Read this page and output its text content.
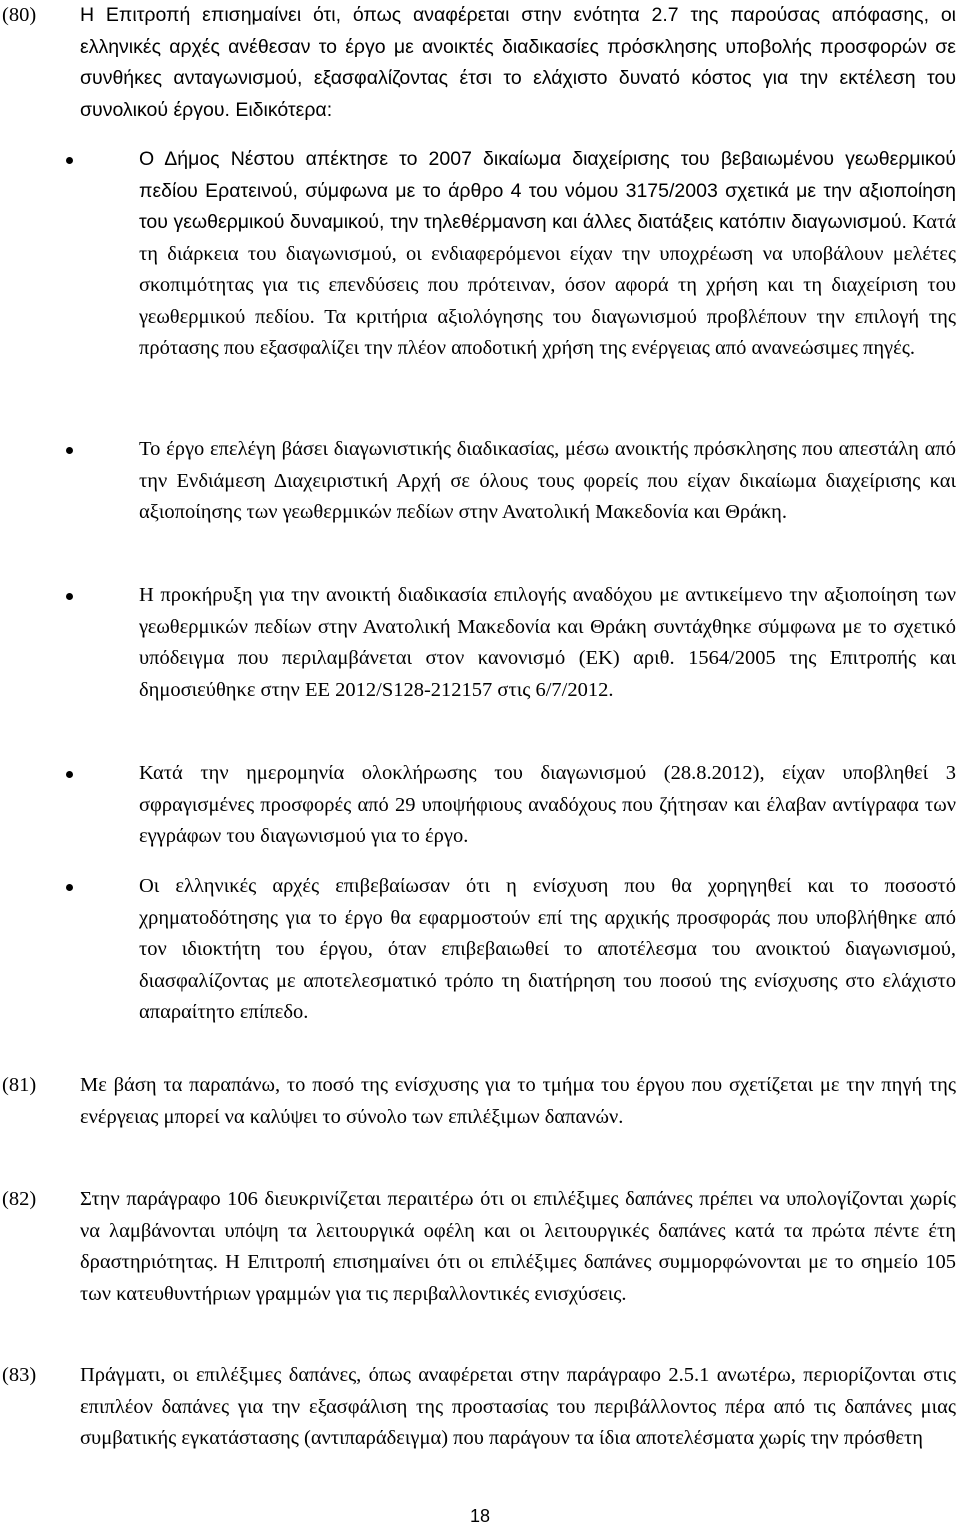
(80) Η Επιτροπή επισημαίνει ότι, όπως αναφέρεται στην ενότητα 2.7 της παρούσας απόφασης, οι ελληνικές αρχές ανέθεσαν το έργο με ανοικτές διαδικασίες πρόσκλησης υποβολής προσφορών σε συνθήκες ανταγωνισμού, εξασφαλίζοντας έτσι το ελάχιστο δυνατό κόστος για την εκτέλεση του συνολικού έργου. Ειδικότερα:
Ο Δήμος Νέστου απέκτησε το 2007 δικαίωμα διαχείρισης του βεβαιωμένου γεωθερμικού πεδίου Ερατεινού, σύμφωνα με το άρθρο 4 του νόμου 3175/2003 σχετικά με την αξιοποίηση του γεωθερμικού δυναμικού, την τηλεθέρμανση και άλλες διατάξεις κατόπιν διαγωνισμού. Κατά τη διάρκεια του διαγωνισμού, οι ενδιαφερόμενοι είχαν την υποχρέωση να υποβάλουν μελέτες σκοπιμότητας για τις επενδύσεις που πρότειναν, όσον αφορά τη χρήση και τη διαχείριση του γεωθερμικού πεδίου. Τα κριτήρια αξιολόγησης του διαγωνισμού προβλέπουν την επιλογή της πρότασης που εξασφαλίζει την πλέον αποδοτική χρήση της ενέργειας από ανανεώσιμες πηγές.
Το έργο επελέγη βάσει διαγωνιστικής διαδικασίας, μέσω ανοικτής πρόσκλησης που απεστάλη από την Ενδιάμεση Διαχειριστική Αρχή σε όλους τους φορείς που είχαν δικαίωμα διαχείρισης και αξιοποίησης των γεωθερμικών πεδίων στην Ανατολική Μακεδονία και Θράκη.
Η προκήρυξη για την ανοικτή διαδικασία επιλογής αναδόχου με αντικείμενο την αξιοποίηση των γεωθερμικών πεδίων στην Ανατολική Μακεδονία και Θράκη συντάχθηκε σύμφωνα με το σχετικό υπόδειγμα που περιλαμβάνεται στον κανονισμό (ΕΚ) αριθ. 1564/2005 της Επιτροπής και δημοσιεύθηκε στην ΕΕ 2012/S128-212157 στις 6/7/2012.
Κατά την ημερομηνία ολοκλήρωσης του διαγωνισμού (28.8.2012), είχαν υποβληθεί 3 σφραγισμένες προσφορές από 29 υποψήφιους αναδόχους που ζήτησαν και έλαβαν αντίγραφα των εγγράφων του διαγωνισμού για το έργο.
Οι ελληνικές αρχές επιβεβαίωσαν ότι η ενίσχυση που θα χορηγηθεί και το ποσοστό χρηματοδότησης για το έργο θα εφαρμοστούν επί της αρχικής προσφοράς που υποβλήθηκε από τον ιδιοκτήτη του έργου, όταν επιβεβαιωθεί το αποτέλεσμα του ανοικτού διαγωνισμού, διασφαλίζοντας με αποτελεσματικό τρόπο τη διατήρηση του ποσού της ενίσχυσης στο ελάχιστο απαραίτητο επίπεδο.
(81) Με βάση τα παραπάνω, το ποσό της ενίσχυσης για το τμήμα του έργου που σχετίζεται με την πηγή της ενέργειας μπορεί να καλύψει το σύνολο των επιλέξιμων δαπανών.
(82) Στην παράγραφο 106 διευκρινίζεται περαιτέρω ότι οι επιλέξιμες δαπάνες πρέπει να υπολογίζονται χωρίς να λαμβάνονται υπόψη τα λειτουργικά οφέλη και οι λειτουργικές δαπάνες κατά τα πρώτα πέντε έτη δραστηριότητας. Η Επιτροπή επισημαίνει ότι οι επιλέξιμες δαπάνες συμμορφώνονται με το σημείο 105 των κατευθυντήριων γραμμών για τις περιβαλλοντικές ενισχύσεις.
(83) Πράγματι, οι επιλέξιμες δαπάνες, όπως αναφέρεται στην παράγραφο 2.5.1 ανωτέρω, περιορίζονται στις επιπλέον δαπάνες για την εξασφάλιση της προστασίας του περιβάλλοντος πέρα από τις δαπάνες μιας συμβατικής εγκατάστασης (αντιπαράδειγμα) που παράγουν τα ίδια αποτελέσματα χωρίς την πρόσθετη
18
